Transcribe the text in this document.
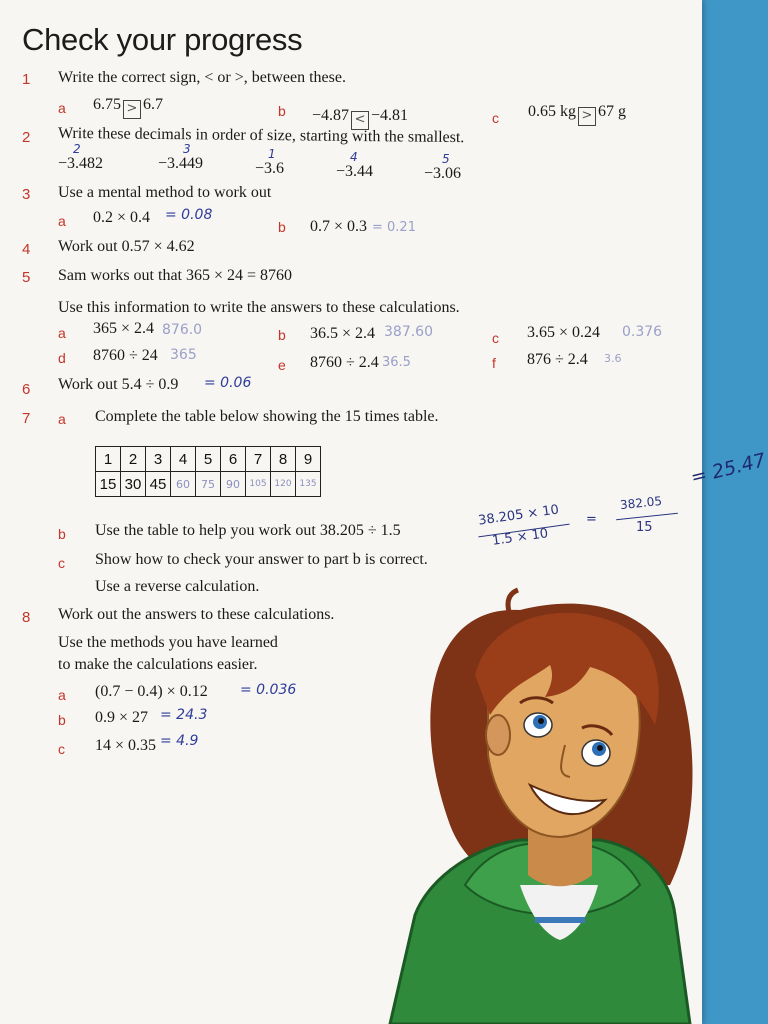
Check your progress
1 Write the correct sign, < or >, between these.
a 6.75 > 6.7	b −4.87 < −4.81	c 0.65 kg > 67 g
2 Write these decimals in order of size, starting with the smallest.
2
−3.482
3
−3.449
1
−3.6
4
−3.44
5
−3.06
3 Use a mental method to work out
a 0.2 × 0.4 = 0.08
b 0.7 × 0.3 = 0.21
4 Work out 0.57 × 4.62
5 Sam works out that 365 × 24 = 8760
Use this information to write the answers to these calculations.
a 365 × 2.4 876.0	b 36.5 × 2.4 387.60	c 3.65 × 0.24 0.376
d 8760 ÷ 24 365
e 8760 ÷ 2.4 36.5	f 876 ÷ 2.4 3.6
6 Work out 5.4 ÷ 0.9 = 0.06
7 a Complete the table below showing the 15 times table.
1	2	3	4	5	6	7	8	9
15	30	45	60	75	90	105	120	135
b Use the table to help you work out 38.205 ÷ 1.5
c Show how to check your answer to part b is correct.
Use a reverse calculation.
38.205 × 10
1.5 × 10
=
382.05
15
8 Work out the answers to these calculations.
Use the methods you have learned
to make the calculations easier.
a (0.7 − 0.4) × 0.12 = 0.036
b 0.9 × 27 = 24.3
c 14 × 0.35 = 4.9
= 25.47
